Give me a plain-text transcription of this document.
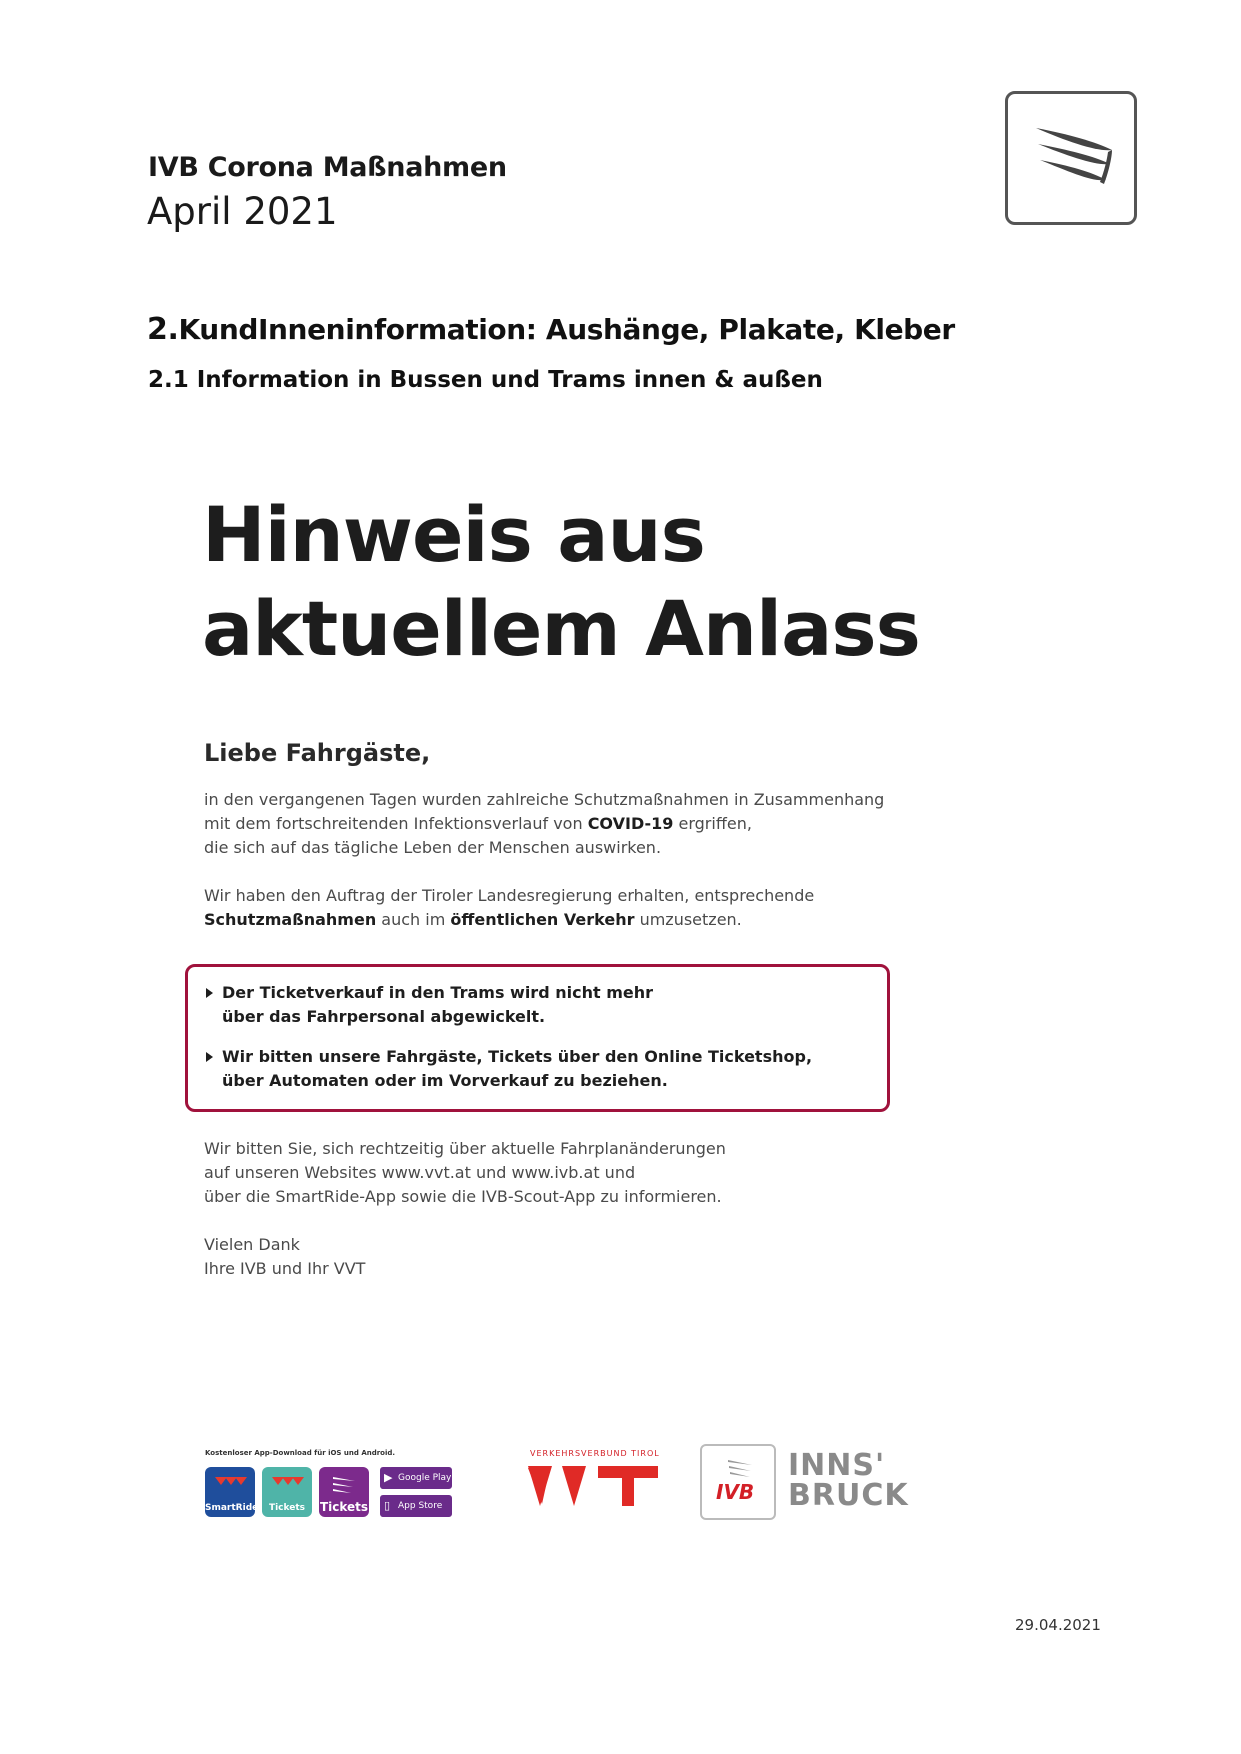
IVB Corona Maßnahmen
April 2021
2.KundInneninformation: Aushänge, Plakate, Kleber
2.1 Information in Bussen und Trams innen & außen
Hinweis aus
aktuellem Anlass
Liebe Fahrgäste,
in den vergangenen Tagen wurden zahlreiche Schutzmaßnahmen in Zusammenhang
mit dem fortschreitenden Infektionsverlauf von COVID-19 ergriffen,
die sich auf das tägliche Leben der Menschen auswirken.
Wir haben den Auftrag der Tiroler Landesregierung erhalten, entsprechende
Schutzmaßnahmen auch im öffentlichen Verkehr umzusetzen.
Der Ticketverkauf in den Trams wird nicht mehr
über das Fahrpersonal abgewickelt.
Wir bitten unsere Fahrgäste, Tickets über den Online Ticketshop,
über Automaten oder im Vorverkauf zu beziehen.
Wir bitten Sie, sich rechtzeitig über aktuelle Fahrplanänderungen
auf unseren Websites www.vvt.at und www.ivb.at und
über die SmartRide-App sowie die IVB-Scout-App zu informieren.
Vielen Dank
Ihre IVB und Ihr VVT
Kostenloser App-Download für iOS und Android.
SmartRide	Tickets	Tickets
▶ Google Play
▯ App Store
VERKEHRSVERBUND TIROL
VVT
IVB
INNS'
BRUCK
29.04.2021
